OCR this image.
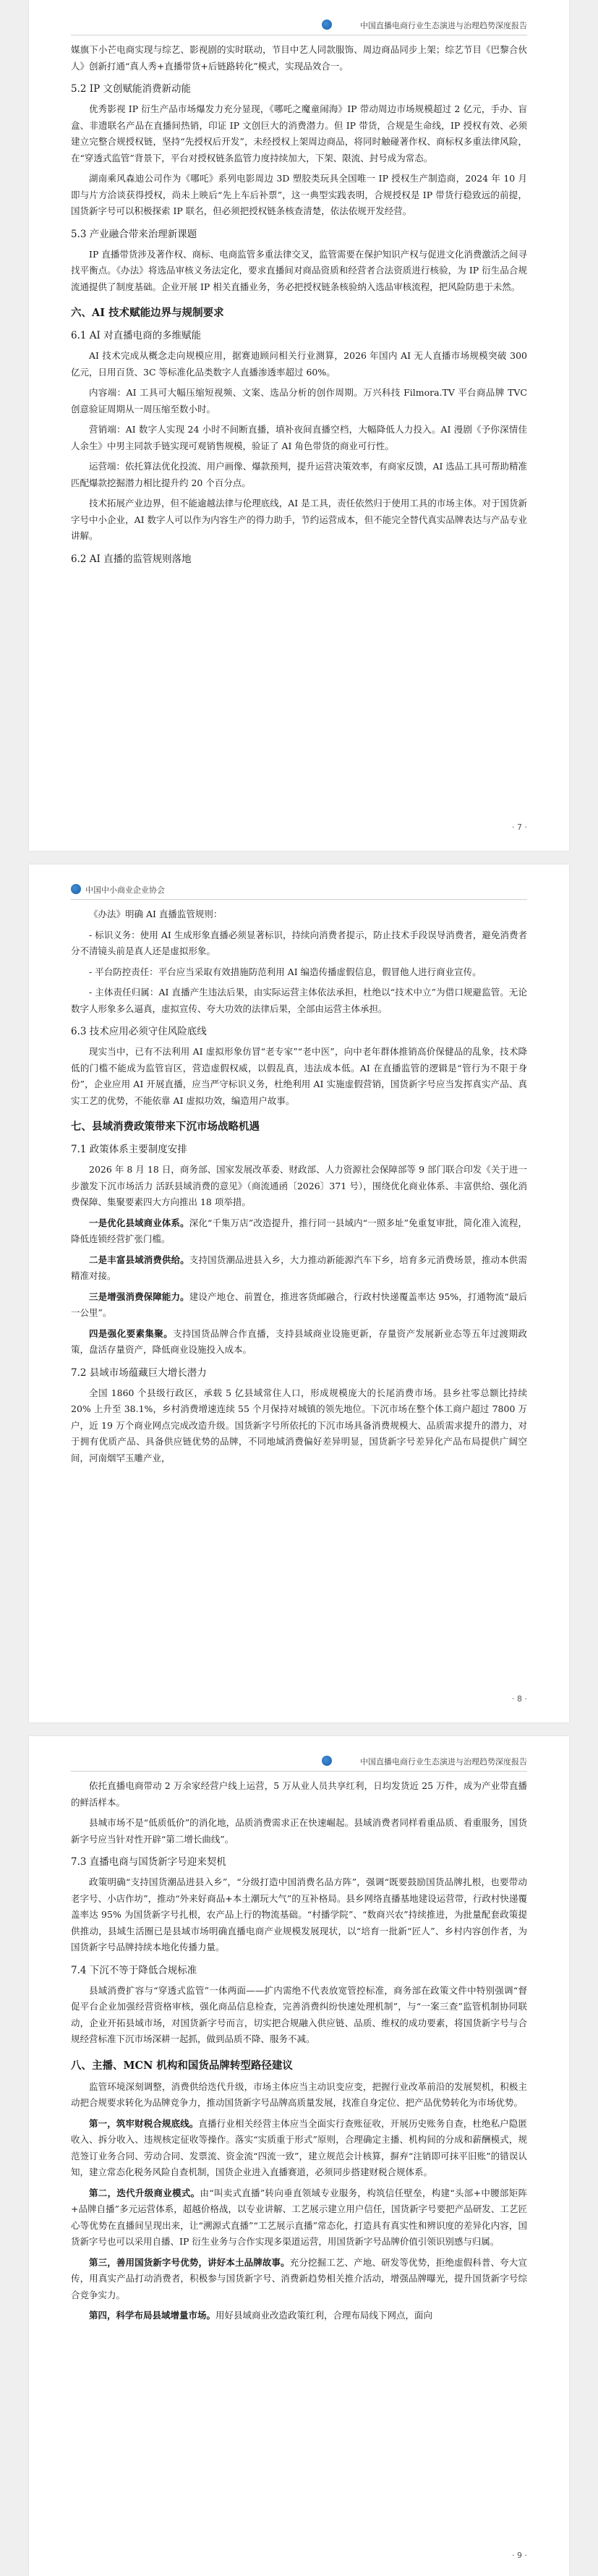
中国直播电商行业生态演进与治理趋势深度报告

媒旗下小芒电商实现与综艺、影视剧的实时联动，节目中艺人同款服饰、周边商品同步上架；综艺节目《巴黎合伙人》创新打通“真人秀+直播带货+后链路转化”模式，实现品效合一。

5.2 IP 文创赋能消费新动能

优秀影视 IP 衍生产品市场爆发力充分显现，《哪吒之魔童闹海》IP 带动周边市场规模超过 2 亿元，手办、盲盒、非遗联名产品在直播间热销，印证 IP 文创巨大的消费潜力。但 IP 带货，合规是生命线，IP 授权有效、必须建立完整合规授权链，坚持“先授权后开发”，未经授权上架周边商品，将同时触碰著作权、商标权多重法律风险，在“穿透式监管”背景下，平台对授权链条监管力度持续加大，下架、限流、封号成为常态。

湖南乘风森迪公司作为《哪吒》系列电影周边 3D 塑胶类玩具全国唯一 IP 授权生产制造商，2024 年 10 月即与片方洽谈获得授权，尚未上映后“先上车后补票”，这一典型实践表明，合规授权是 IP 带货行稳致远的前提，国货新字号可以积极探索 IP 联名，但必须把授权链条核查清楚，依法依规开发经营。

5.3 产业融合带来治理新课题

IP 直播带货涉及著作权、商标、电商监管多重法律交叉，监管需要在保护知识产权与促进文化消费激活之间寻找平衡点。《办法》将选品审核义务法定化，要求直播间对商品资质和经营者合法资质进行核验，为 IP 衍生品合规流通提供了制度基础。企业开展 IP 相关直播业务，务必把授权链条核验纳入选品审核流程，把风险防患于未然。

六、AI 技术赋能边界与规制要求
6.1 AI 对直播电商的多维赋能

AI 技术完成从概念走向规模应用，据赛迪顾问相关行业测算，2026 年国内 AI 无人直播市场规模突破 300 亿元，日用百货、3C 等标准化品类数字人直播渗透率超过 60%。

内容端：AI 工具可大幅压缩短视频、文案、选品分析的创作周期。万兴科技 Filmora.TV 平台商品牌 TVC 创意验证周期从一周压缩至数小时。

营销端：AI 数字人实现 24 小时不间断直播，填补夜间直播空档，大幅降低人力投入。AI 漫剧《予你深情佳人余生》中男主同款手链实现可观销售规模，验证了 AI 角色带货的商业可行性。

运营端：依托算法优化投流、用户画像、爆款预判，提升运营决策效率，有商家反馈，AI 选品工具可帮助精准匹配爆款挖掘潜力相比提升约 20 个百分点。

技术拓展产业边界，但不能逾越法律与伦理底线，AI 是工具，责任依然归于使用工具的市场主体。对于国货新字号中小企业，AI 数字人可以作为内容生产的得力助手，节约运营成本，但不能完全替代真实品牌表达与产品专业讲解。

6.2 AI 直播的监管规则落地
· 7 ·
中国中小商业企业协会

《办法》明确 AI 直播监管规则：

- 标识义务：使用 AI 生成形象直播必须显著标识，持续向消费者提示，防止技术手段误导消费者，避免消费者分不清镜头前是真人还是虚拟形象。

- 平台防控责任：平台应当采取有效措施防范利用 AI 编造传播虚假信息，假冒他人进行商业宣传。

- 主体责任归属：AI 直播产生违法后果，由实际运营主体依法承担，杜绝以“技术中立”为借口规避监管。无论数字人形象多么逼真，虚拟宣传、夸大功效的法律后果，全部由运营主体承担。

6.3 技术应用必须守住风险底线

现实当中，已有不法利用 AI 虚拟形象仿冒“老专家”“老中医”，向中老年群体推销高价保健品的乱象，技术降低的门槛不能成为监管盲区，营造虚假权威，以假乱真，违法成本低。AI 在直播监管的逻辑是“管行为不限于身份”，企业应用 AI 开展直播，应当严守标识义务，杜绝利用 AI 实施虚假营销，国货新字号应当发挥真实产品、真实工艺的优势，不能依靠 AI 虚拟功效，编造用户故事。

七、县域消费政策带来下沉市场战略机遇
7.1 政策体系主要制度安排

2026 年 8 月 18 日，商务部、国家发展改革委、财政部、人力资源社会保障部等 9 部门联合印发《关于进一步激发下沉市场活力 活跃县域消费的意见》（商流通函〔2026〕371 号），围绕优化商业体系、丰富供给、强化消费保障、集聚要素四大方向推出 18 项举措。

一是优化县域商业体系。深化“千集万店”改造提升，推行同一县域内“一照多址”免重复审批，简化准入流程，降低连锁经营扩张门槛。

二是丰富县域消费供给。支持国货潮品进县入乡，大力推动新能源汽车下乡，培育多元消费场景，推动本供需精准对接。

三是增强消费保障能力。建设产地仓、前置仓，推进客货邮融合，行政村快递覆盖率达 95%，打通物流“最后一公里”。

四是强化要素集聚。支持国货品牌合作直播，支持县域商业设施更新，存量资产发展新业态等五年过渡期政策，盘活存量资产，降低商业设施投入成本。

7.2 县域市场蕴藏巨大增长潜力

全国 1860 个县级行政区，承载 5 亿县域常住人口，形成规模庞大的长尾消费市场。县乡社零总额比持续 20% 上升至 38.1%，乡村消费增速连续 55 个月保持对城镇的领先地位。下沉市场在整个体工商户超过 7800 万户，近 19 万个商业网点完成改造升级。国货新字号所依托的下沉市场具备消费规模大、品质需求提升的潜力，对于拥有优质产品、具备供应链优势的品牌，不同地域消费偏好差异明显，国货新字号差异化产品布局提供广阔空间，河南烟罕玉雕产业，

· 8 ·
中国直播电商行业生态演进与治理趋势深度报告

依托直播电商带动 2 万余家经营户线上运营，5 万从业人员共享红利，日均发货近 25 万件，成为产业带直播的鲜活样本。

县城市场不是“低质低价”的消化地，品质消费需求正在快速崛起。县域消费者同样看重品质、看重服务，国货新字号应当针对性开辟“第二增长曲线”。

7.3 直播电商与国货新字号迎来契机

政策明确“支持国货潮品进县入乡”，“分级打造中国消费名品方阵”，强调“既要鼓励国货品牌扎根，也要带动老字号、小店作坊”，推动“外来好商品+本土潮玩大气”的互补格局。县乡网络直播基地建设运营带，行政村快递覆盖率达 95% 为国货新字号扎根，农产品上行的物流基础。“村播学院”、“数商兴农”持续推进，为批量配套政策提供推动，县域生活圈已是县域市场明确直播电商产业规模发展现状，以“培育一批新“匠人”、乡村内容创作者，为国货新字号品牌持续本地化传播力量。

7.4 下沉不等于降低合规标准

县域消费扩容与“穿透式监管”一体两面——扩内需绝不代表放宽管控标准，商务部在政策文件中特别强调“督促平台企业加强经营资格审核，强化商品信息检查，完善消费纠纷快速处理机制”，与“一案三查”监管机制协同联动，企业开拓县域市场，对国货新字号而言，切实把合规融入供应链、品质、维权的成功要素，将国货新字号与合规经营标准下沉市场深耕一起抓，做到品质不降、服务不减。

八、主播、MCN 机构和国货品牌转型路径建议

监管环境深刻调整，消费供给迭代升级，市场主体应当主动识变应变，把握行业改革前沿的发展契机，积极主动把合规要求转化为品牌竞争力，推动国货新字号品牌高质量发展，找准自身定位、把产品优势转化为市场优势。

第一，筑牢财税合规底线。直播行业相关经营主体应当全面实行查账征收，开展历史账务自查，杜绝私户隐匿收入、拆分收入、违规核定征收等操作。落实“实质重于形式”原则，合理确定主播、机构间的分成和薪酬模式，规范签订业务合同、劳动合同、发票流、资金流“四流一致”，建立规范会计核算，摒弃“注销即可抹平旧账”的错误认知，建立常态化税务风险自查机制，国货企业进入直播赛道，必须同步搭建财税合规体系。

第二，迭代升级商业模式。由“叫卖式直播”转向垂直领域专业服务，构筑信任壁垒，构建“头部+中腰部矩阵+品牌自播”多元运营体系，超越价格战，以专业讲解、工艺展示建立用户信任，国货新字号要把产品研发、工艺匠心等优势在直播间呈现出来，让“溯源式直播”“工艺展示直播”常态化，打造具有真实性和辨识度的差异化内容，国货新字号也可以采用自播、IP 衍生业务与合作实现多渠道运营，用国货新字号品牌价值引领识别感与归属。

第三，善用国货新字号优势，讲好本土品牌故事。充分挖掘工艺、产地、研发等优势，拒绝虚假科普、夸大宣传，用真实产品打动消费者，积极参与国货新字号、消费新趋势相关推介活动，增强品牌曝光，提升国货新字号综合竞争实力。

第四，科学布局县域增量市场。用好县域商业改造政策红利，合理布局线下网点，面向

· 9 ·
